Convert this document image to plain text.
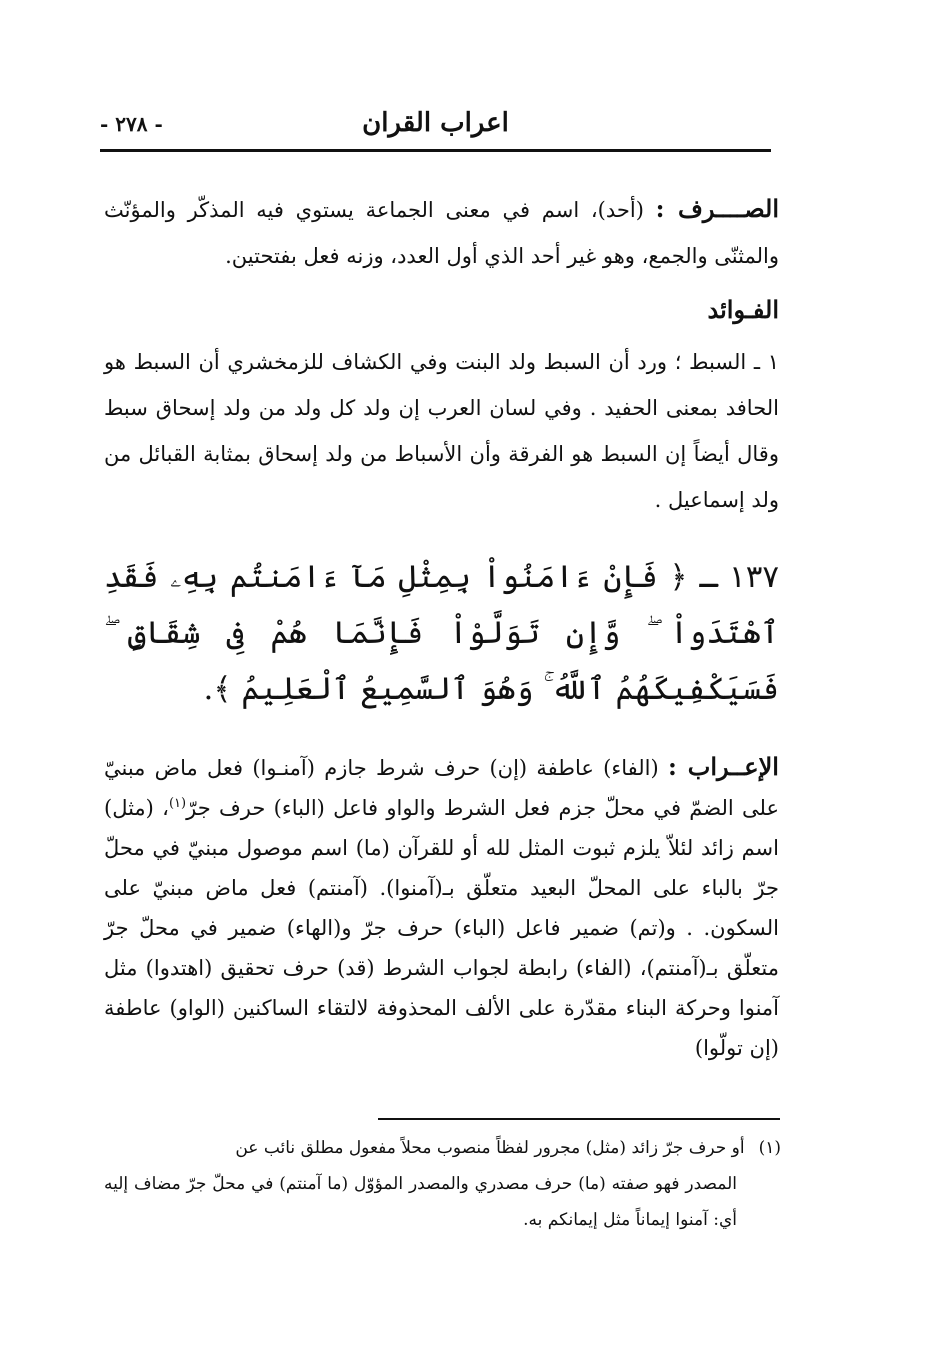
- ٢٧٨ -	اعراب القران

الصــــرف : (أحد)، اسم في معنى الجماعة يستوي فيه المذكّر والمؤنّث والمثنّى والجمع، وهو غير أحد الذي أول العدد، وزنه فعل بفتحتين.

الفـوائد

١ ـ السبط ؛ ورد أن السبط ولد البنت وفي الكشاف للزمخشري أن السبط هو الحافد بمعنى الحفيد . وفي لسان العرب إن ولد كل ولد من ولد إسحاق سبط وقال أيضاً إن السبط هو الفرقة وأن الأسباط من ولد إسحاق بمثابة القبائل من ولد إسماعيل .

١٣٧ ـ ﴿ فَإِنْ ءَامَنُواْ بِمِثْلِ مَآ ءَامَنتُم بِهِۦ فَقَدِ ٱهْتَدَواْ ۖ وَّإِن تَوَلَّوْاْ فَإِنَّمَا هُمْ فِى شِقَاقٍ ۖ فَسَيَكْفِيكَهُمُ ٱللَّهُ ۚ وَهُوَ ٱلسَّمِيعُ ٱلْعَلِيمُ ﴾.

الإعــراب : (الفاء) عاطفة (إن) حرف شرط جازم (آمنـوا) فعل ماض مبنيّ على الضمّ في محلّ جزم فعل الشرط والواو فاعل (الباء) حرف جرّ$^{(١)}$، (مثل) اسم زائد لئلاّ يلزم ثبوت المثل لله أو للقرآن (ما) اسم موصول مبنيّ في محلّ جرّ بالباء على المحلّ البعيد متعلّق بـ(آمنوا). (آمنتم) فعل ماض مبنيّ على السكون. . و(تم) ضمير فاعل (الباء) حرف جرّ و(الهاء) ضمير في محلّ جرّ متعلّق بـ(آمنتم)، (الفاء) رابطة لجواب الشرط (قد) حرف تحقيق (اهتدوا) مثل آمنوا وحركة البناء مقدّرة على الألف المحذوفة لالتقاء الساكنين (الواو) عاطفة (إن تولّوا)

(١)أو حرف جرّ زائد (مثل) مجرور لفظاً منصوب محلاً مفعول مطلق نائب عن
المصدر فهو صفته (ما) حرف مصدري والمصدر المؤوّل (ما آمنتم) في محلّ جرّ مضاف إليه أي: آمنوا إيماناً مثل إيمانكم به.
